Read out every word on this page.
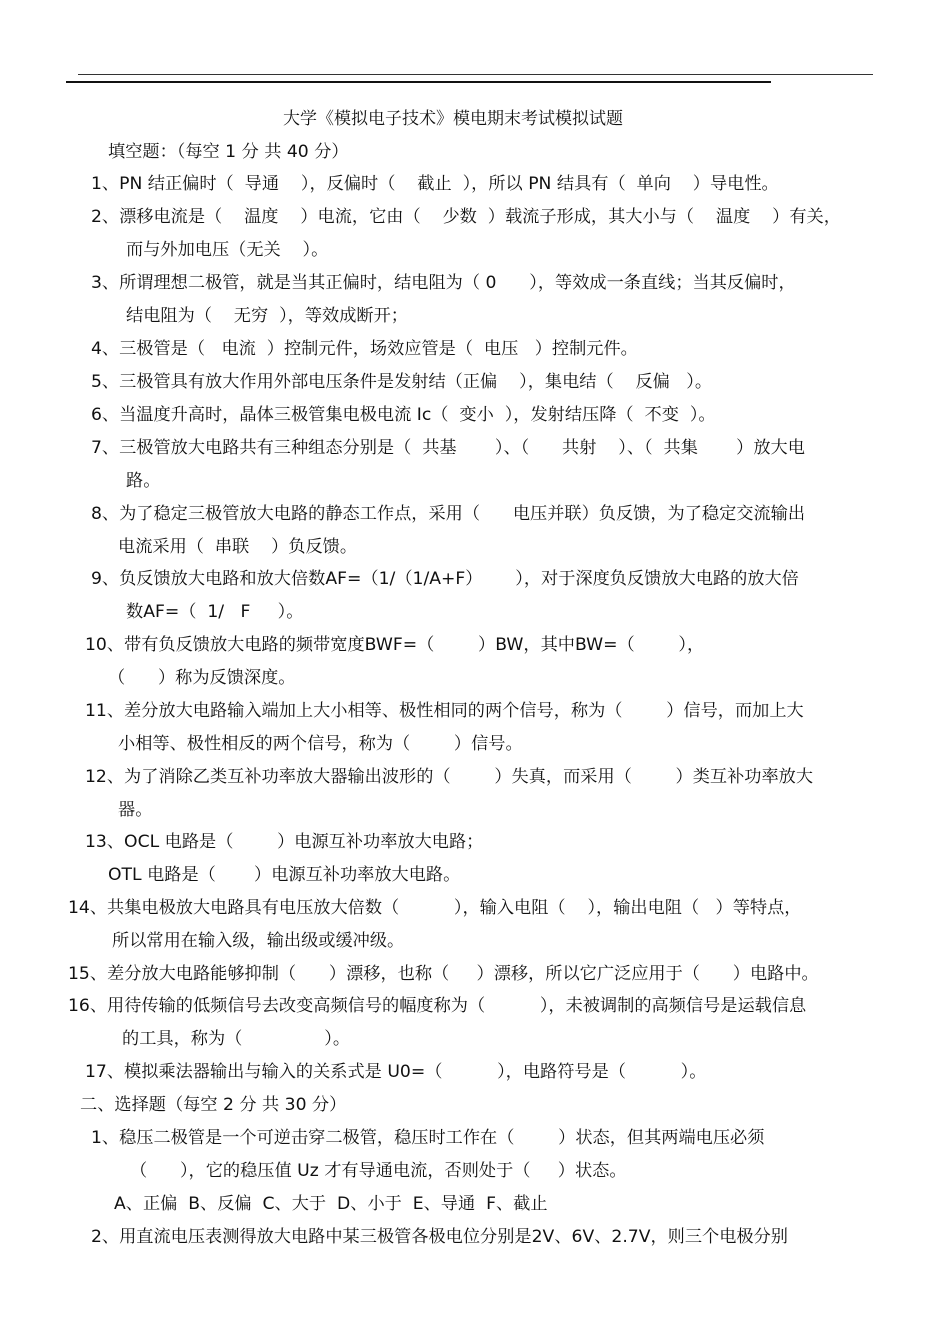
大学《模拟电子技术》模电期末考试模拟试题
填空题：（每空 1 分 共 40 分）
1、PN 结正偏时（  导通    ），反偏时（    截止  ），所以 PN 结具有（  单向    ）导电性。
2、漂移电流是（    温度    ）电流，它由（    少数  ）载流子形成，其大小与（    温度    ）有关，
而与外加电压（无关    ）。
3、所谓理想二极管，就是当其正偏时，结电阻为（ 0      ），等效成一条直线；当其反偏时，
结电阻为（    无穷  ），等效成断开；
4、三极管是（   电流  ）控制元件，场效应管是（  电压   ）控制元件。
5、三极管具有放大作用外部电压条件是发射结（正偏    ），集电结（    反偏   ）。
6、当温度升高时，晶体三极管集电极电流 Ic（  变小  ），发射结压降（  不变  ）。
7、三极管放大电路共有三种组态分别是（  共基       ）、（      共射    ）、（  共集       ）放大电
路。
8、为了稳定三极管放大电路的静态工作点，采用（      电压并联）负反馈，为了稳定交流输出
电流采用（  串联    ）负反馈。
9、负反馈放大电路和放大倍数AF=（1/（1/A+F）      ），对于深度负反馈放大电路的放大倍
数AF=（  1/   F     ）。
10、带有负反馈放大电路的频带宽度BWF=（        ）BW，其中BW=（        ），
（      ）称为反馈深度。
11、差分放大电路输入端加上大小相等、极性相同的两个信号，称为（        ）信号，而加上大
小相等、极性相反的两个信号，称为（        ）信号。
12、为了消除乙类互补功率放大器输出波形的（        ）失真，而采用（        ）类互补功率放大
器。
13、OCL 电路是（        ）电源互补功率放大电路；
OTL 电路是（       ）电源互补功率放大电路。
14、共集电极放大电路具有电压放大倍数（          ），输入电阻（    ），输出电阻（   ）等特点，
所以常用在输入级，输出级或缓冲级。
15、差分放大电路能够抑制（      ）漂移，也称（     ）漂移，所以它广泛应用于（      ）电路中。
16、用待传输的低频信号去改变高频信号的幅度称为（          ），未被调制的高频信号是运载信息
的工具，称为（               ）。
17、模拟乘法器输出与输入的关系式是 U0=（          ），电路符号是（          ）。
二、选择题（每空 2 分 共 30 分）
1、稳压二极管是一个可逆击穿二极管，稳压时工作在（        ）状态，但其两端电压必须
（      ），它的稳压值 Uz 才有导通电流，否则处于（     ）状态。
A、正偏  B、反偏  C、大于  D、小于  E、导通  F、截止
2、用直流电压表测得放大电路中某三极管各极电位分别是2V、6V、2.7V，则三个电极分别
